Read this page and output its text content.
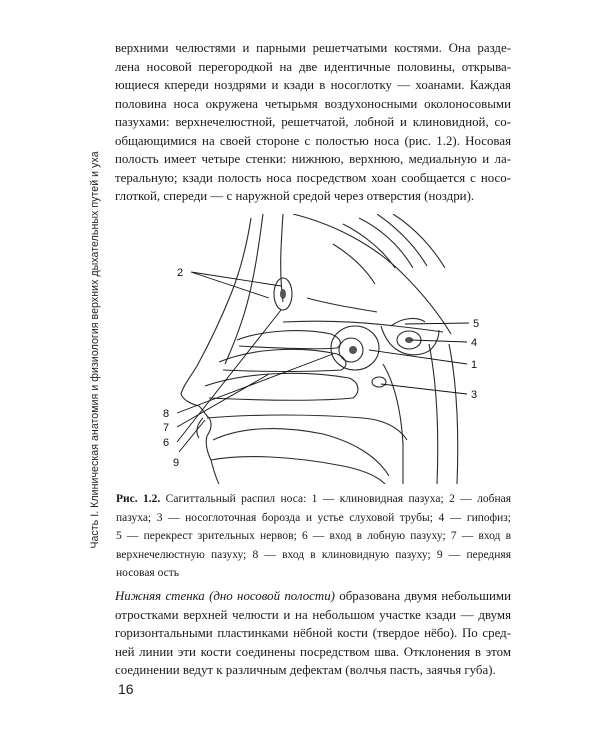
Часть I. Клиническая анатомия и физиология верхних дыхательных путей и уха
верхними челюстями и парными решетчатыми костями. Она разде-
лена носовой перегородкой на две идентичные половины, открыва-
ющиеся кпереди ноздрями и кзади в носоглотку — хоанами. Каждая
половина носа окружена четырьмя воздухоносными околоносовыми
пазухами: верхнечелюстной, решетчатой, лобной и клиновидной, со-
общающимися на своей стороне с полостью носа (рис. 1.2). Носовая
полость имеет четыре стенки: нижнюю, верхнюю, медиальную и ла-
теральную; кзади полость носа посредством хоан сообщается с носо-
глоткой, спереди — с наружной средой через отверстия (ноздри).
2
5
4
1
3
8
7
6
9
Рис. 1.2. Сагиттальный распил носа: 1 — клиновидная пазуха; 2 — лобная
пазуха; 3 — носоглоточная борозда и устье слуховой трубы; 4 — гипофиз;
5 — перекрест зрительных нервов; 6 — вход в лобную пазуху; 7 — вход в
верхнечелюстную пазуху; 8 — вход в клиновидную пазуху; 9 — передняя
носовая ость
Нижняя стенка (дно носовой полости) образована двумя небольшими
отростками верхней челюсти и на небольшом участке кзади — двумя
горизонтальными пластинками нёбной кости (твердое нёбо). По сред-
ней линии эти кости соединены посредством шва. Отклонения в этом
соединении ведут к различным дефектам (волчья пасть, заячья губа).
16
